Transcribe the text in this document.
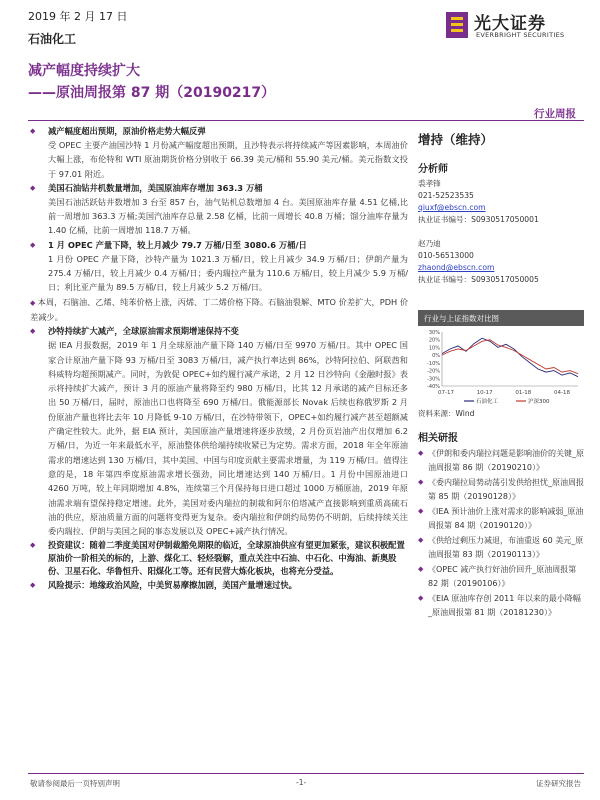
2019 年 2 月 17 日
石油化工
光大证券
EVERBRIGHT SECURITIES
减产幅度持续扩大
——原油周报第 87 期（20190217）
行业周报
◆	减产幅度超出预期，原油价格走势大幅反弹
受 OPEC 主要产油国沙特 1 月份减产幅度超出预期，且沙特表示将持续减产等因素影响，本周油价大幅上涨，布伦特和 WTI 原油期货价格分别收于 66.39 美元/桶和 55.90 美元/桶。美元指数文投于 97.01 附近。
◆	美国石油钻井机数量增加，美国原油库存增加 363.3 万桶
美国石油活跃钻井数增加 3 台至 857 台，油气钻机总数增加 4 台。美国原油库存量 4.51 亿桶,比前一周增加 363.3 万桶;美国汽油库存总量 2.58 亿桶，比前一周增长 40.8 万桶；馏分油库存量为 1.40 亿桶，比前一周增加 118.7 万桶。
◆	1 月 OPEC 产量下降，较上月减少 79.7 万桶/日至 3080.6 万桶/日
1 月份 OPEC 产量下降，沙特产量为 1021.3 万桶/日，较上月减少 34.9 万桶/日；伊朗产量为 275.4 万桶/日，较上月减少 0.4 万桶/日；委内瑞拉产量为 110.6 万桶/日，较上月减少 5.9 万桶/日；利比亚产量为 89.5 万桶/日，较上月减少 5.2 万桶/日。
◆ 本周，石脑油、乙烯、纯苯价格上涨，丙烯、丁二烯价格下降。石脑油裂解、MTO 价差扩大，PDH 价差减少。
◆	沙特持续扩大减产，全球原油需求预期增速保持不变
据 IEA 月报数据，2019 年 1 月全球原油产量下降 140 万桶/日至 9970 万桶/日。其中 OPEC 国家合计原油产量下降 93 万桶/日至 3083 万桶/日，减产执行率达到 86%，沙特阿拉伯、阿联酋和科威特均超预期减产。同时，为敦促 OPEC+如约履行减产承诺，2 月 12 日沙特向《金融时报》表示将持续扩大减产，预计 3 月的原油产量将降至约 980 万桶/日，比其 12 月承诺的减产目标还多出 50 万桶/日，届时，原油出口也将降至 690 万桶/日。俄能源部长 Novak 后续也称俄罗斯 2 月份原油产量也将比去年 10 月降低 9-10 万桶/日，在沙特带领下，OPEC+如约履行减产甚至超额减产确定性较大。此外，据 EIA 预计，美国原油产量增速将逐步放缓，2 月份页岩油产出仅增加 6.2 万桶/日，为近一年来最低水平，原油整体供给端持续收紧已为定势。需求方面，2018 年全年原油需求的增速达到 130 万桶/日，其中美国、中国与印度贡献主要需求增量，为 119 万桶/日。值得注意的是，18 年第四季度原油需求增长强劲，同比增速达到 140 万桶/日。1 月份中国原油进口 4260 万吨，较上年同期增加 4.8%，连续第三个月保持每日进口超过 1000 万桶原油，2019 年原油需求端有望保持稳定增速。此外，美国对委内瑞拉的制裁和阿尔伯塔减产直接影响到重质高硫石油的供应，原油质量方面的问题将变得更为复杂。委内瑞拉和伊朗约局势仍不明朗，后续持续关注委内瑞拉、伊朗与美国之间的事态发展以及 OPEC+减产执行情况。
◆	投资建议：随着二季度美国对伊制裁豁免期限的临近，全球原油供应有望更加紧张，建议积极配置原油价一阶相关的标的，上游、煤化工、轻烃裂解，重点关注中石油、中石化、中海油、新奥股份、卫星石化、华鲁恒升、阳煤化工等。还有民营大炼化板块，也将充分受益。
◆	风险提示：地缘政治风险，中美贸易摩擦加剧，美国产量增速过快。
增持（维持）
分析师
裘孝锋
021-52523535
qiuxf@ebscn.com
执业证书编号：S0930517050001
赵乃迪
010-56513000
zhaond@ebscn.com
执业证书编号：S0930517050005
行业与上证指数对比图
30%
20%
10%
0%
-10%
-20%
-30%
-40%
07-17	10-17	01-18	04-18
石油化工	沪深300
资料来源：Wind
相关研报
◆ 《伊朗和委内瑞拉问题是影响油价的关键_原油周报第 86 期（20190210）》
◆ 《委内瑞拉局势动荡引发供给担忧_原油周报第 85 期（20190128）》
◆ 《IEA 预计油价上涨对需求的影响减弱_原油周报第 84 期（20190120）》
◆ 《供给过剩压力减退，布油重返 60 美元_原油周报第 83 期（20190113）》
◆ 《OPEC 减产执行好油价回升_原油周报第 82 期（20190106）》
◆ 《EIA 原油库存创 2011 年以来的最小降幅_原油周报第 81 期（20181230）》
敬请参阅最后一页特别声明	-1-	证券研究报告
